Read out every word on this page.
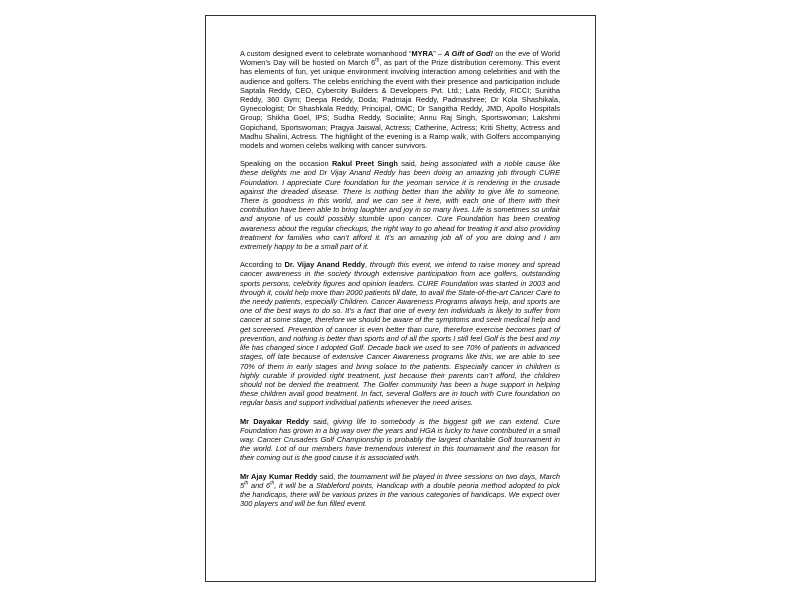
A custom designed event to celebrate womanhood “MYRA” – A Gift of God! on the eve of World Women’s Day will be hosted on March 6th, as part of the Prize distribution ceremony. This event has elements of fun, yet unique environment involving interaction among celebrities and with the audience and golfers. The celebs enriching the event with their presence and participation include Saptala Reddy, CEO, Cybercity Builders & Developers Pvt. Ltd.; Lata Reddy, FICCI; Sunitha Reddy, 360 Gym; Deepa Reddy, Doda; Padmaja Reddy, Padmashree; Dr Kola Shashikala, Gynecologist; Dr Shashkala Reddy, Principal, OMC; Dr Sangitha Reddy, JMD, Apollo Hospitals Group; Shikha Goel, IPS; Sudha Reddy, Socialite; Annu Raj Singh, Sportswoman; Lakshmi Gopichand, Sportswoman; Pragya Jaiswal, Actress; Catherine, Actress; Kriti Shetty, Actress and Madhu Shalini, Actress. The highlight of the evening is a Ramp walk, with Golfers accompanying models and women celebs walking with cancer survivors.

Speaking on the occasion Rakul Preet Singh said, being associated with a noble cause like these delights me and Dr Vijay Anand Reddy has been doing an amazing job through CURE Foundation. I appreciate Cure foundation for the yeoman service it is rendering in the crusade against the dreaded disease. There is nothing better than the ability to give life to someone. There is goodness in this world, and we can see it here, with each one of them with their contribution have been able to bring laughter and joy in so many lives. Life is sometimes so unfair and anyone of us could possibly stumble upon cancer. Cure Foundation has been creating awareness about the regular checkups, the right way to go ahead for treating it and also providing treatment for families who can’t afford it. It’s an amazing job all of you are doing and I am extremely happy to be a small part of it.

According to Dr. Vijay Anand Reddy, through this event, we intend to raise money and spread cancer awareness in the society through extensive participation from ace golfers, outstanding sports persons, celebrity figures and opinion leaders. CURE Foundation was started in 2003 and through it, could help more than 2000 patients till date, to avail the State-of-the-art Cancer Care to the needy patients, especially Children. Cancer Awareness Programs always help, and sports are one of the best ways to do so. It’s a fact that one of every ten individuals is likely to suffer from cancer at some stage, therefore we should be aware of the symptoms and seek medical help and get screened. Prevention of cancer is even better than cure, therefore exercise becomes part of prevention, and nothing is better than sports and of all the sports I still feel Golf is the best and my life has changed since I adopted Golf. Decade back we used to see 70% of patients in advanced stages, off late because of extensive Cancer Awareness programs like this, we are able to see 70% of them in early stages and bring solace to the patients. Especially cancer in children is highly curable if provided right treatment, just because their parents can’t afford, the children should not be denied the treatment. The Golfer community has been a huge support in helping these children avail good treatment. In fact, several Golfers are in touch with Cure foundation on regular basis and support individual patients whenever the need arises.

Mr Dayakar Reddy said, giving life to somebody is the biggest gift we can extend. Cure Foundation has grown in a big way over the years and HGA is lucky to have contributed in a small way. Cancer Crusaders Golf Championship is probably the largest charitable Golf tournament in the world. Lot of our members have tremendous interest in this tournament and the reason for their coming out is the good cause it is associated with.

Mr Ajay Kumar Reddy said, the tournament will be played in three sessions on two days, March 5th and 6th, it will be a Stableford points, Handicap with a double peoria method adopted to pick the handicaps, there will be various prizes in the various categories of handicaps. We expect over 300 players and will be fun filled event.
